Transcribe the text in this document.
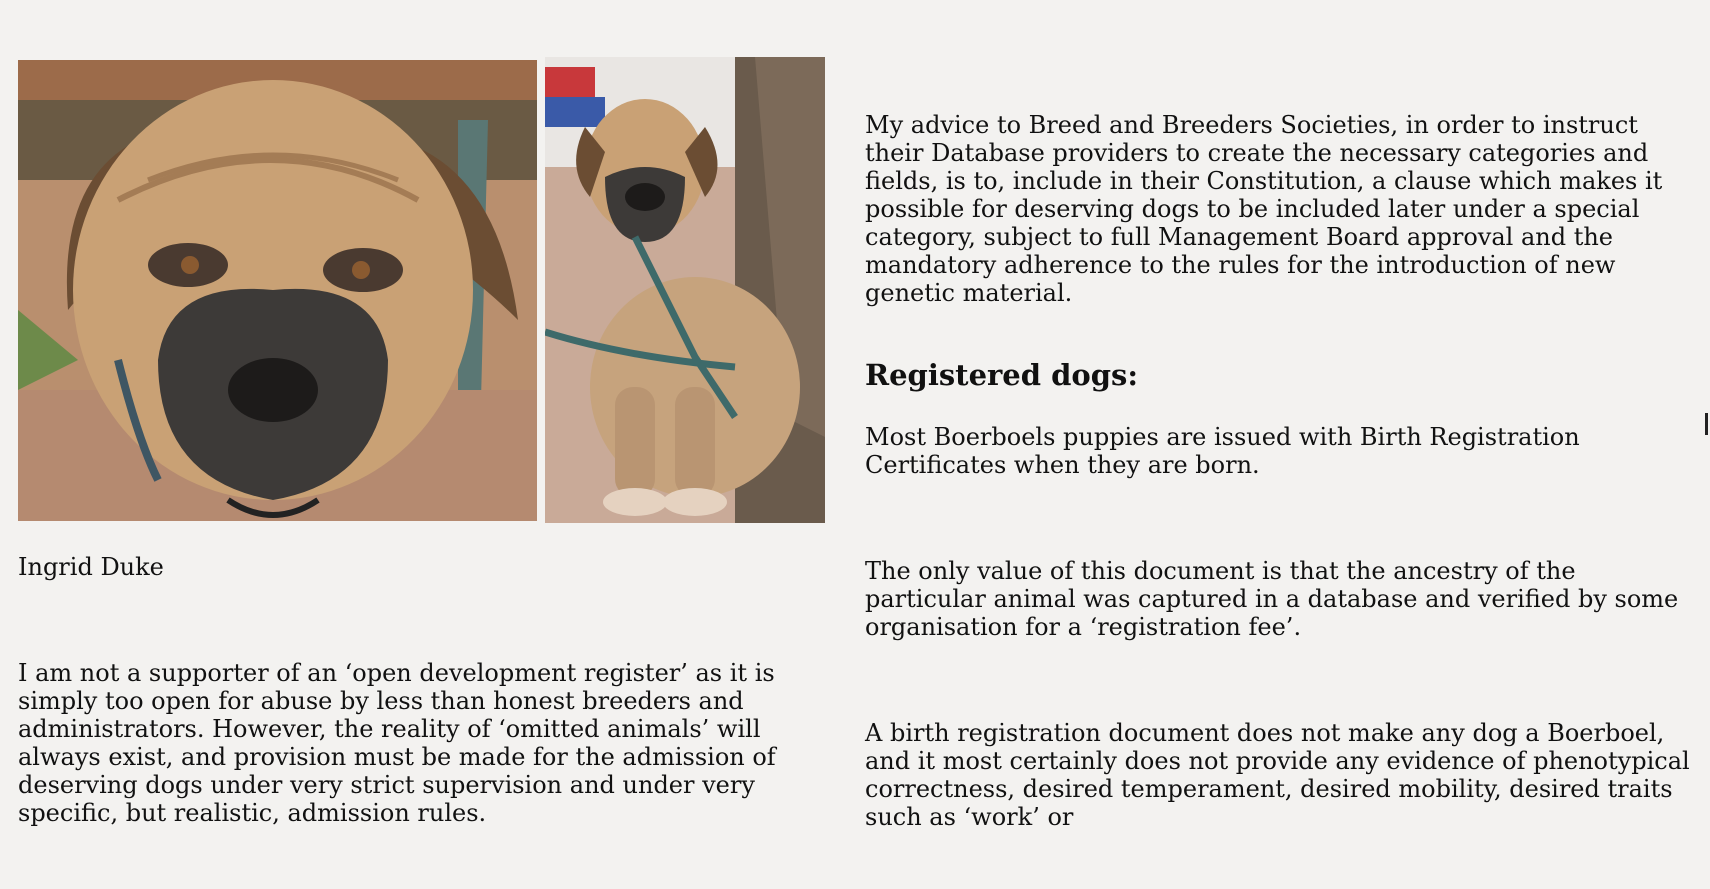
Ingrid Duke
I am not a supporter of an ‘open development register’ as it is simply too open for abuse by less than honest breeders and administrators. However, the reality of ‘omitted animals’ will always exist, and provision must be made for the admission of deserving dogs under very strict supervision and under very specific, but realistic, admission rules.

My advice to Breed and Breeders Societies, in order to instruct their Database providers to create the necessary categories and fields, is to, include in their Constitution, a clause which makes it possible for deserving dogs to be included later under a special category, subject to full Management Board approval and the mandatory adherence to the rules for the introduction of new genetic material.

Registered dogs:

Most Boerboels puppies are issued with Birth Registration Certificates when they are born.

The only value of this document is that the ancestry of the particular animal was captured in a database and verified by some organisation for a ‘registration fee’.

A birth registration document does not make any dog a Boerboel, and it most certainly does not provide any evidence of phenotypical correctness, desired temperament, desired mobility, desired traits such as ‘work’ or
